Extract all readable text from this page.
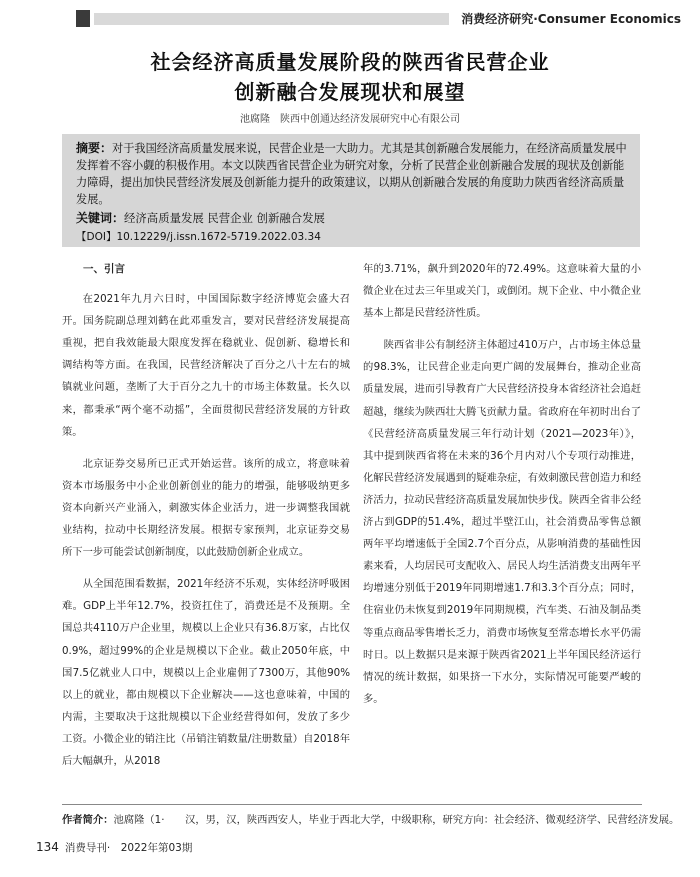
消费经济研究·Consumer Economics
社会经济高质量发展阶段的陕西省民营企业
创新融合发展现状和展望
池腐隆　陕西中创通达经济发展研究中心有限公司
摘要：对于我国经济高质量发展来说，民营企业是一大助力。尤其是其创新融合发展能力，在经济高质量发展中发挥着不容小觑的积极作用。本文以陕西省民营企业为研究对象，分析了民营企业创新融合发展的现状及创新能力障碍，提出加快民营经济发展及创新能力提升的政策建议，以期从创新融合发展的角度助力陕西省经济高质量发展。
关键词：经济高质量发展 民营企业 创新融合发展
【DOI】10.12229/j.issn.1672-5719.2022.03.34
一、引言

在2021年九月六日时，中国国际数字经济博览会盛大召开。国务院副总理刘鹤在此邓重发言，要对民营经济发展提高重视，把自我效能最大限度发挥在稳就业、促创新、稳增长和调结构等方面。在我国，民营经济解决了百分之八十左右的城镇就业问题，垄断了大于百分之九十的市场主体数量。长久以来，都秉承“两个毫不动摇”，全面贯彻民营经济发展的方针政策。

北京证券交易所已正式开始运营。该所的成立，将意味着资本市场服务中小企业创新创业的能力的增强，能够吸纳更多资本向新兴产业涌入，刺激实体企业活力，进一步调整我国就业结构，拉动中长期经济发展。根据专家预判，北京证券交易所下一步可能尝试创新制度，以此鼓励创新企业成立。

从全国范围看数据，2021年经济不乐观，实体经济呼吸困难。GDP上半年12.7%，投资扛住了，消费还是不及预期。全国总共4110万户企业里，规模以上企业只有36.8万家，占比仅0.9%，超过99%的企业是规模以下企业。截止2050年底，中国7.5亿就业人口中，规模以上企业雇佣了7300万，其他90%以上的就业，都由规模以下企业解决——这也意味着，中国的内需，主要取决于这批规模以下企业经营得如何，发放了多少工资。小微企业的销注比（吊销注销数量/注册数量）自2018年后大幅飙升，从2018

年的3.71%，飙升到2020年的72.49%。这意味着大量的小微企业在过去三年里或关门，或倒闭。规下企业、中小微企业基本上都是民营经济性质。

陕西省非公有制经济主体超过410万户，占市场主体总量的98.3%，让民营企业走向更广阔的发展舞台，推动企业高质量发展，进而引导教育广大民营经济投身本省经济社会追赶超越，继续为陕西壮大腾飞贡献力量。省政府在年初时出台了《民营经济高质量发展三年行动计划（2021—2023年）》，其中提到陕西省将在未来的36个月内对八个专项行动推进，化解民营经济发展遇到的疑难杂症，有效刺激民营创造力和经济活力，拉动民营经济高质量发展加快步伐。陕西全省非公经济占到GDP的51.4%，超过半壁江山，社会消费品零售总额两年平均增速低于全国2.7个百分点，从影响消费的基础性因素来看，人均居民可支配收入、居民人均生活消费支出两年平均增速分别低于2019年同期增速1.7和3.3个百分点；同时，住宿业仍未恢复到2019年同期规模，汽车类、石油及制品类等重点商品零售增长乏力，消费市场恢复至常态增长水平仍需时日。以上数据只是来源于陕西省2021上半年国民经济运行情况的统计数据，如果挤一下水分，实际情况可能要严峻的多。

作者简介：池腐隆（1·　　汉，男，汉，陕西西安人，毕业于西北大学，中级职称，研究方向：社会经济、微观经济学、民营经济发展。
134 消费导刊·　2022年第03期
